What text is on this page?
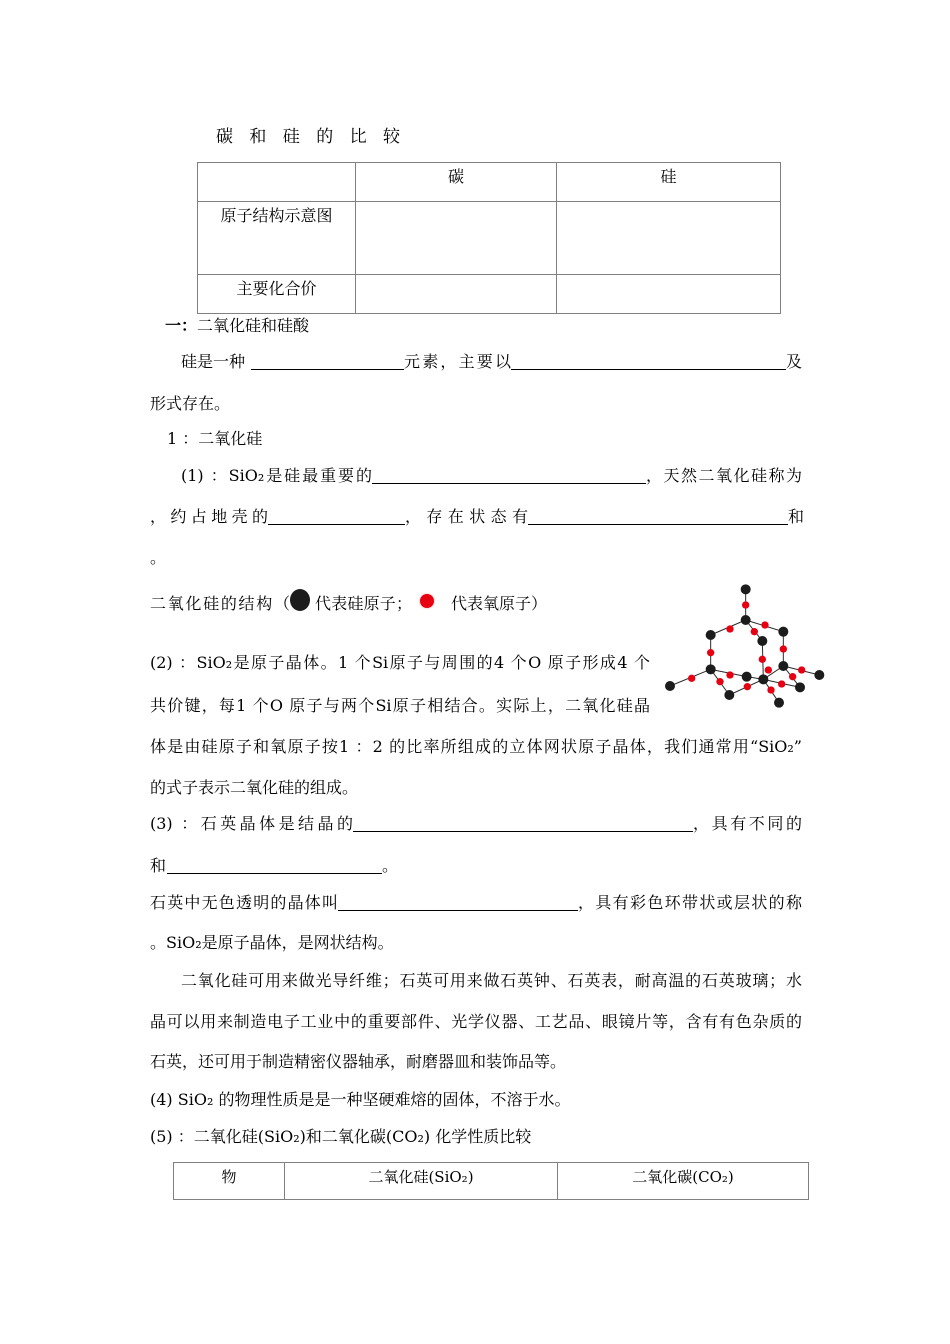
碳 和 硅 的 比 较
	碳	硅
原子结构示意图		
主要化合价		
一：二氧化硅和硅酸
硅是一种	元素，主要以	及
形式存在。
1 ：二氧化硅
(1) ：SiO₂是硅最重要的	，天然二氧化硅称为
，约占地壳的	，存在状态有	和
。
二氧化硅的结构（ 代表硅原子； 代表氧原子）
(2) ：SiO₂是原子晶体。1 个Si原子与周围的4 个O 原子形成4 个
共价键，每1 个O 原子与两个Si原子相结合。实际上，二氧化硅晶
体是由硅原子和氧原子按1 ：2 的比率所组成的立体网状原子晶体，我们通常用“SiO₂”
的式子表示二氧化硅的组成。
(3) ：石英晶体是结晶的	，具有不同的
和	。
石英中无色透明的晶体叫	，具有彩色环带状或层状的称
。SiO₂是原子晶体，是网状结构。
二氧化硅可用来做光导纤维；石英可用来做石英钟、石英表，耐高温的石英玻璃；水
晶可以用来制造电子工业中的重要部件、光学仪器、工艺品、眼镜片等，含有有色杂质的
石英，还可用于制造精密仪器轴承，耐磨器皿和装饰品等。
(4) SiO₂ 的物理性质是是一种坚硬难熔的固体，不溶于水。
(5) ：二氧化硅(SiO₂)和二氧化碳(CO₂) 化学性质比较
物	二氧化硅(SiO₂)	二氧化碳(CO₂)
